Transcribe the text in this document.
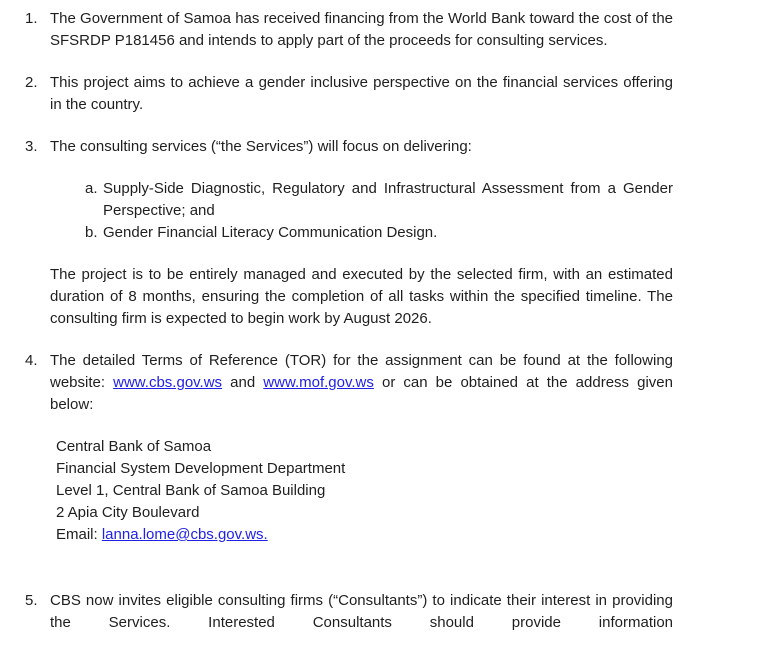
1. The Government of Samoa has received financing from the World Bank toward the cost of the SFSRDP P181456 and intends to apply part of the proceeds for consulting services.

2. This project aims to achieve a gender inclusive perspective on the financial services offering in the country.

3. The consulting services (“the Services”) will focus on delivering:

a. Supply-Side Diagnostic, Regulatory and Infrastructural Assessment from a Gender Perspective; and
b. Gender Financial Literacy Communication Design.

The project is to be entirely managed and executed by the selected firm, with an estimated duration of 8 months, ensuring the completion of all tasks within the specified timeline. The consulting firm is expected to begin work by August 2026.

4. The detailed Terms of Reference (TOR) for the assignment can be found at the following website: www.cbs.gov.ws and www.mof.gov.ws or can be obtained at the address given below:

Central Bank of Samoa
Financial System Development Department
Level 1, Central Bank of Samoa Building
2 Apia City Boulevard
Email: lanna.lome@cbs.gov.ws.
5. CBS now invites eligible consulting firms (“Consultants”) to indicate their interest in providing the Services. Interested Consultants should provide information
